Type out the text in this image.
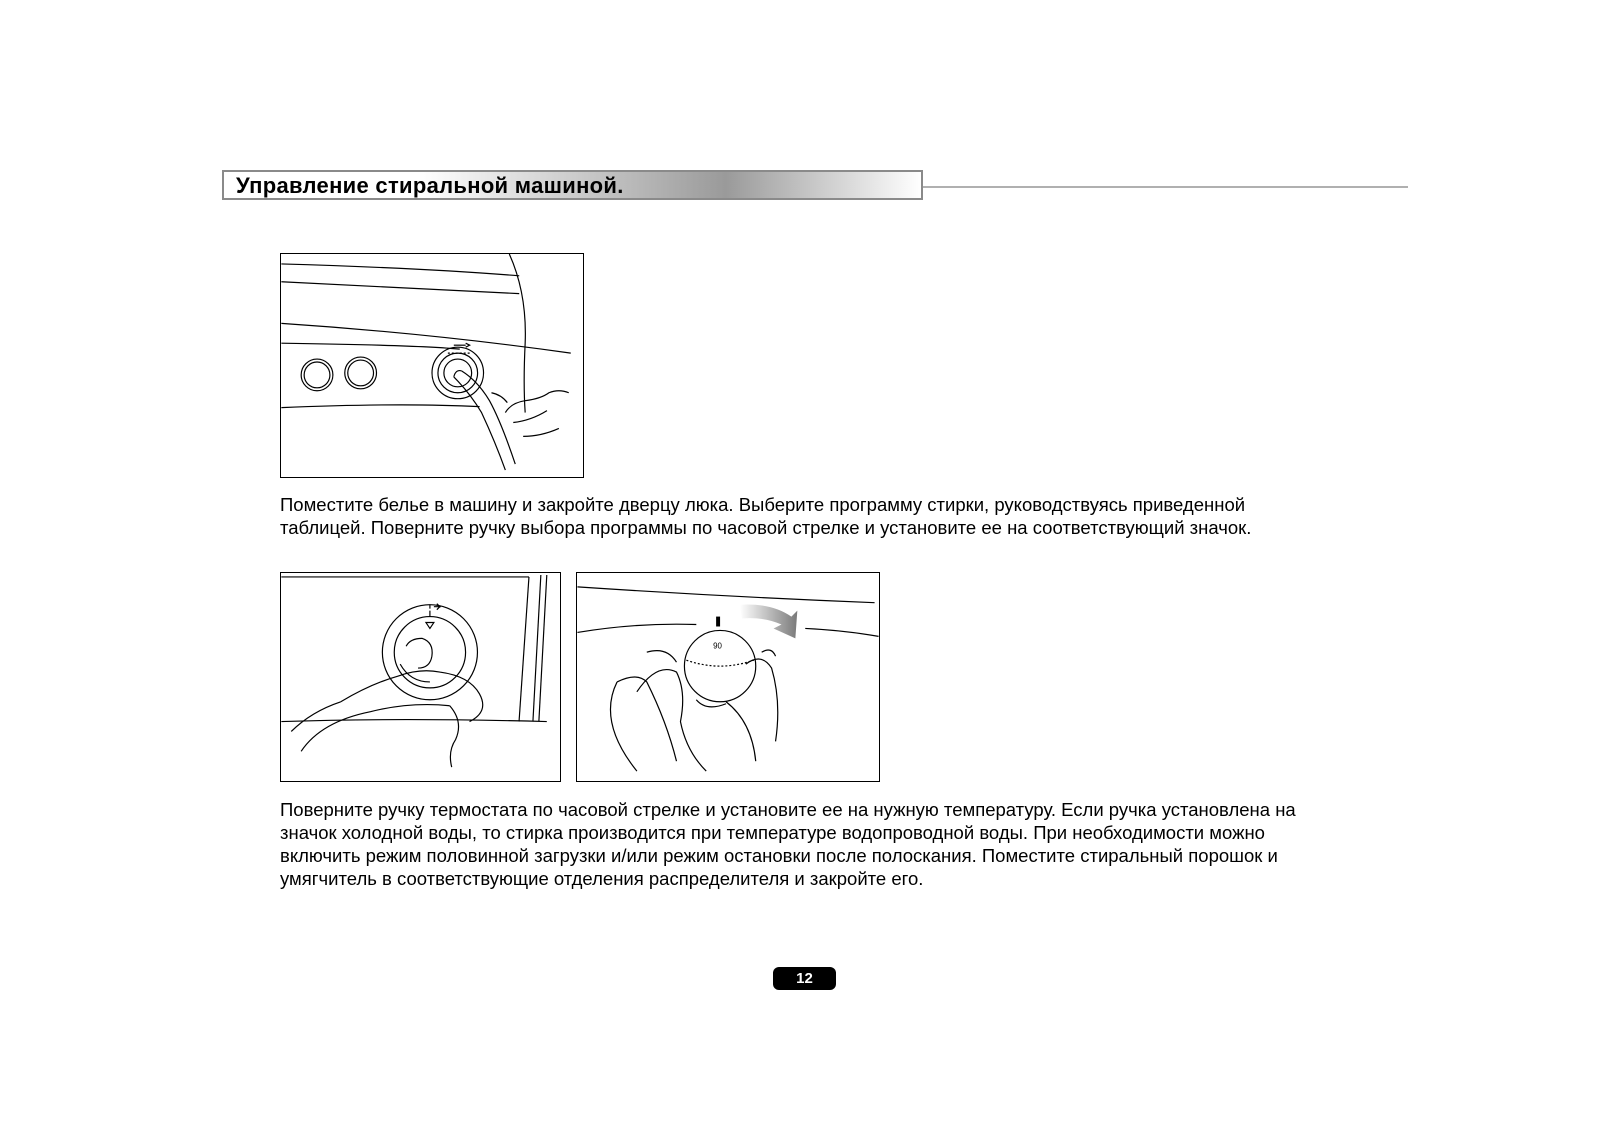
Управление стиральной машиной.
Поместите белье в машину и закройте дверцу люка. Выберите программу стирки, руководствуясь приведенной таблицей. Поверните ручку выбора программы по часовой стрелке и установите ее на соответствующий значок.
90
Поверните ручку термостата по часовой стрелке и установите ее на нужную температуру. Если ручка установлена на значок холодной воды, то стирка производится при температуре водопроводной воды. При необходимости можно включить режим половинной загрузки и/или режим остановки после полоскания. Поместите стиральный порошок и умягчитель в соответствующие отделения распределителя и закройте его.
12
